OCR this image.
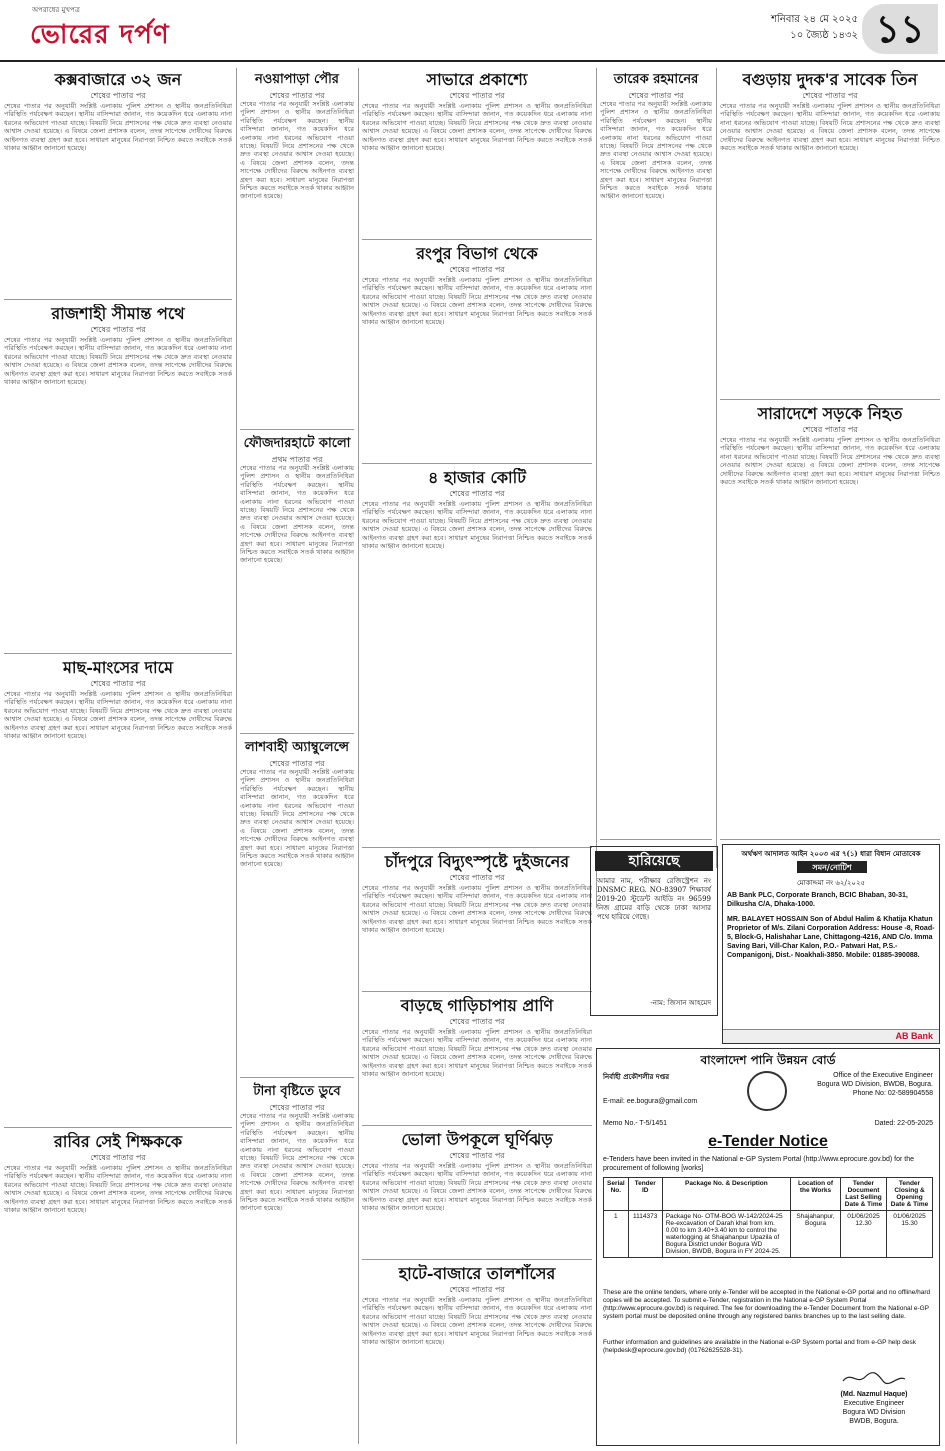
অপরাধের মুখপত্র
ভোরের দর্পণ
শনিবার ২৪ মে ২০২৫
১০ জ্যৈষ্ঠ ১৪৩২ ১১
কক্সবাজারে ৩২ জন
শেষের পাতার পর
শেষের পাতার পর অনুযায়ী সংশ্লিষ্ট এলাকায় পুলিশ প্রশাসন ও স্থানীয় জনপ্রতিনিধিরা পরিস্থিতি পর্যবেক্ষণ করছেন। স্থানীয় বাসিন্দারা জানান, গত কয়েকদিন ধরে এলাকায় নানা ধরনের অভিযোগ পাওয়া যাচ্ছে। বিষয়টি নিয়ে প্রশাসনের পক্ষ থেকে দ্রুত ব্যবস্থা নেওয়ার আশ্বাস দেওয়া হয়েছে। এ বিষয়ে জেলা প্রশাসক বলেন, তদন্ত সাপেক্ষে দোষীদের বিরুদ্ধে আইনগত ব্যবস্থা গ্রহণ করা হবে। সাধারণ মানুষের নিরাপত্তা নিশ্চিত করতে সবাইকে সতর্ক থাকার আহ্বান জানানো হয়েছে।
রাজশাহী সীমান্ত পথে
শেষের পাতার পর
শেষের পাতার পর অনুযায়ী সংশ্লিষ্ট এলাকায় পুলিশ প্রশাসন ও স্থানীয় জনপ্রতিনিধিরা পরিস্থিতি পর্যবেক্ষণ করছেন। স্থানীয় বাসিন্দারা জানান, গত কয়েকদিন ধরে এলাকায় নানা ধরনের অভিযোগ পাওয়া যাচ্ছে। বিষয়টি নিয়ে প্রশাসনের পক্ষ থেকে দ্রুত ব্যবস্থা নেওয়ার আশ্বাস দেওয়া হয়েছে। এ বিষয়ে জেলা প্রশাসক বলেন, তদন্ত সাপেক্ষে দোষীদের বিরুদ্ধে আইনগত ব্যবস্থা গ্রহণ করা হবে। সাধারণ মানুষের নিরাপত্তা নিশ্চিত করতে সবাইকে সতর্ক থাকার আহ্বান জানানো হয়েছে।
মাছ-মাংসের দামে
শেষের পাতার পর
শেষের পাতার পর অনুযায়ী সংশ্লিষ্ট এলাকায় পুলিশ প্রশাসন ও স্থানীয় জনপ্রতিনিধিরা পরিস্থিতি পর্যবেক্ষণ করছেন। স্থানীয় বাসিন্দারা জানান, গত কয়েকদিন ধরে এলাকায় নানা ধরনের অভিযোগ পাওয়া যাচ্ছে। বিষয়টি নিয়ে প্রশাসনের পক্ষ থেকে দ্রুত ব্যবস্থা নেওয়ার আশ্বাস দেওয়া হয়েছে। এ বিষয়ে জেলা প্রশাসক বলেন, তদন্ত সাপেক্ষে দোষীদের বিরুদ্ধে আইনগত ব্যবস্থা গ্রহণ করা হবে। সাধারণ মানুষের নিরাপত্তা নিশ্চিত করতে সবাইকে সতর্ক থাকার আহ্বান জানানো হয়েছে।
রাবির সেই শিক্ষককে
শেষের পাতার পর
শেষের পাতার পর অনুযায়ী সংশ্লিষ্ট এলাকায় পুলিশ প্রশাসন ও স্থানীয় জনপ্রতিনিধিরা পরিস্থিতি পর্যবেক্ষণ করছেন। স্থানীয় বাসিন্দারা জানান, গত কয়েকদিন ধরে এলাকায় নানা ধরনের অভিযোগ পাওয়া যাচ্ছে। বিষয়টি নিয়ে প্রশাসনের পক্ষ থেকে দ্রুত ব্যবস্থা নেওয়ার আশ্বাস দেওয়া হয়েছে। এ বিষয়ে জেলা প্রশাসক বলেন, তদন্ত সাপেক্ষে দোষীদের বিরুদ্ধে আইনগত ব্যবস্থা গ্রহণ করা হবে। সাধারণ মানুষের নিরাপত্তা নিশ্চিত করতে সবাইকে সতর্ক থাকার আহ্বান জানানো হয়েছে।
নওয়াপাড়া পৌর
শেষের পাতার পর
শেষের পাতার পর অনুযায়ী সংশ্লিষ্ট এলাকায় পুলিশ প্রশাসন ও স্থানীয় জনপ্রতিনিধিরা পরিস্থিতি পর্যবেক্ষণ করছেন। স্থানীয় বাসিন্দারা জানান, গত কয়েকদিন ধরে এলাকায় নানা ধরনের অভিযোগ পাওয়া যাচ্ছে। বিষয়টি নিয়ে প্রশাসনের পক্ষ থেকে দ্রুত ব্যবস্থা নেওয়ার আশ্বাস দেওয়া হয়েছে। এ বিষয়ে জেলা প্রশাসক বলেন, তদন্ত সাপেক্ষে দোষীদের বিরুদ্ধে আইনগত ব্যবস্থা গ্রহণ করা হবে। সাধারণ মানুষের নিরাপত্তা নিশ্চিত করতে সবাইকে সতর্ক থাকার আহ্বান জানানো হয়েছে।
ফৌজদারহাটে কালো
প্রথম পাতার পর
শেষের পাতার পর অনুযায়ী সংশ্লিষ্ট এলাকায় পুলিশ প্রশাসন ও স্থানীয় জনপ্রতিনিধিরা পরিস্থিতি পর্যবেক্ষণ করছেন। স্থানীয় বাসিন্দারা জানান, গত কয়েকদিন ধরে এলাকায় নানা ধরনের অভিযোগ পাওয়া যাচ্ছে। বিষয়টি নিয়ে প্রশাসনের পক্ষ থেকে দ্রুত ব্যবস্থা নেওয়ার আশ্বাস দেওয়া হয়েছে। এ বিষয়ে জেলা প্রশাসক বলেন, তদন্ত সাপেক্ষে দোষীদের বিরুদ্ধে আইনগত ব্যবস্থা গ্রহণ করা হবে। সাধারণ মানুষের নিরাপত্তা নিশ্চিত করতে সবাইকে সতর্ক থাকার আহ্বান জানানো হয়েছে।
লাশবাহী অ্যাম্বুলেন্সে
শেষের পাতার পর
শেষের পাতার পর অনুযায়ী সংশ্লিষ্ট এলাকায় পুলিশ প্রশাসন ও স্থানীয় জনপ্রতিনিধিরা পরিস্থিতি পর্যবেক্ষণ করছেন। স্থানীয় বাসিন্দারা জানান, গত কয়েকদিন ধরে এলাকায় নানা ধরনের অভিযোগ পাওয়া যাচ্ছে। বিষয়টি নিয়ে প্রশাসনের পক্ষ থেকে দ্রুত ব্যবস্থা নেওয়ার আশ্বাস দেওয়া হয়েছে। এ বিষয়ে জেলা প্রশাসক বলেন, তদন্ত সাপেক্ষে দোষীদের বিরুদ্ধে আইনগত ব্যবস্থা গ্রহণ করা হবে। সাধারণ মানুষের নিরাপত্তা নিশ্চিত করতে সবাইকে সতর্ক থাকার আহ্বান জানানো হয়েছে।
টানা বৃষ্টিতে ডুবে
শেষের পাতার পর
শেষের পাতার পর অনুযায়ী সংশ্লিষ্ট এলাকায় পুলিশ প্রশাসন ও স্থানীয় জনপ্রতিনিধিরা পরিস্থিতি পর্যবেক্ষণ করছেন। স্থানীয় বাসিন্দারা জানান, গত কয়েকদিন ধরে এলাকায় নানা ধরনের অভিযোগ পাওয়া যাচ্ছে। বিষয়টি নিয়ে প্রশাসনের পক্ষ থেকে দ্রুত ব্যবস্থা নেওয়ার আশ্বাস দেওয়া হয়েছে। এ বিষয়ে জেলা প্রশাসক বলেন, তদন্ত সাপেক্ষে দোষীদের বিরুদ্ধে আইনগত ব্যবস্থা গ্রহণ করা হবে। সাধারণ মানুষের নিরাপত্তা নিশ্চিত করতে সবাইকে সতর্ক থাকার আহ্বান জানানো হয়েছে।
সাভারে প্রকাশ্যে
শেষের পাতার পর
শেষের পাতার পর অনুযায়ী সংশ্লিষ্ট এলাকায় পুলিশ প্রশাসন ও স্থানীয় জনপ্রতিনিধিরা পরিস্থিতি পর্যবেক্ষণ করছেন। স্থানীয় বাসিন্দারা জানান, গত কয়েকদিন ধরে এলাকায় নানা ধরনের অভিযোগ পাওয়া যাচ্ছে। বিষয়টি নিয়ে প্রশাসনের পক্ষ থেকে দ্রুত ব্যবস্থা নেওয়ার আশ্বাস দেওয়া হয়েছে। এ বিষয়ে জেলা প্রশাসক বলেন, তদন্ত সাপেক্ষে দোষীদের বিরুদ্ধে আইনগত ব্যবস্থা গ্রহণ করা হবে। সাধারণ মানুষের নিরাপত্তা নিশ্চিত করতে সবাইকে সতর্ক থাকার আহ্বান জানানো হয়েছে।
রংপুর বিভাগ থেকে
শেষের পাতার পর
শেষের পাতার পর অনুযায়ী সংশ্লিষ্ট এলাকায় পুলিশ প্রশাসন ও স্থানীয় জনপ্রতিনিধিরা পরিস্থিতি পর্যবেক্ষণ করছেন। স্থানীয় বাসিন্দারা জানান, গত কয়েকদিন ধরে এলাকায় নানা ধরনের অভিযোগ পাওয়া যাচ্ছে। বিষয়টি নিয়ে প্রশাসনের পক্ষ থেকে দ্রুত ব্যবস্থা নেওয়ার আশ্বাস দেওয়া হয়েছে। এ বিষয়ে জেলা প্রশাসক বলেন, তদন্ত সাপেক্ষে দোষীদের বিরুদ্ধে আইনগত ব্যবস্থা গ্রহণ করা হবে। সাধারণ মানুষের নিরাপত্তা নিশ্চিত করতে সবাইকে সতর্ক থাকার আহ্বান জানানো হয়েছে।
৪ হাজার কোটি
শেষের পাতার পর
শেষের পাতার পর অনুযায়ী সংশ্লিষ্ট এলাকায় পুলিশ প্রশাসন ও স্থানীয় জনপ্রতিনিধিরা পরিস্থিতি পর্যবেক্ষণ করছেন। স্থানীয় বাসিন্দারা জানান, গত কয়েকদিন ধরে এলাকায় নানা ধরনের অভিযোগ পাওয়া যাচ্ছে। বিষয়টি নিয়ে প্রশাসনের পক্ষ থেকে দ্রুত ব্যবস্থা নেওয়ার আশ্বাস দেওয়া হয়েছে। এ বিষয়ে জেলা প্রশাসক বলেন, তদন্ত সাপেক্ষে দোষীদের বিরুদ্ধে আইনগত ব্যবস্থা গ্রহণ করা হবে। সাধারণ মানুষের নিরাপত্তা নিশ্চিত করতে সবাইকে সতর্ক থাকার আহ্বান জানানো হয়েছে।
চাঁদপুরে বিদ্যুৎস্পৃষ্টে দুইজনের
শেষের পাতার পর
শেষের পাতার পর অনুযায়ী সংশ্লিষ্ট এলাকায় পুলিশ প্রশাসন ও স্থানীয় জনপ্রতিনিধিরা পরিস্থিতি পর্যবেক্ষণ করছেন। স্থানীয় বাসিন্দারা জানান, গত কয়েকদিন ধরে এলাকায় নানা ধরনের অভিযোগ পাওয়া যাচ্ছে। বিষয়টি নিয়ে প্রশাসনের পক্ষ থেকে দ্রুত ব্যবস্থা নেওয়ার আশ্বাস দেওয়া হয়েছে। এ বিষয়ে জেলা প্রশাসক বলেন, তদন্ত সাপেক্ষে দোষীদের বিরুদ্ধে আইনগত ব্যবস্থা গ্রহণ করা হবে। সাধারণ মানুষের নিরাপত্তা নিশ্চিত করতে সবাইকে সতর্ক থাকার আহ্বান জানানো হয়েছে।
বাড়ছে গাড়িচাপায় প্রাণি
শেষের পাতার পর
শেষের পাতার পর অনুযায়ী সংশ্লিষ্ট এলাকায় পুলিশ প্রশাসন ও স্থানীয় জনপ্রতিনিধিরা পরিস্থিতি পর্যবেক্ষণ করছেন। স্থানীয় বাসিন্দারা জানান, গত কয়েকদিন ধরে এলাকায় নানা ধরনের অভিযোগ পাওয়া যাচ্ছে। বিষয়টি নিয়ে প্রশাসনের পক্ষ থেকে দ্রুত ব্যবস্থা নেওয়ার আশ্বাস দেওয়া হয়েছে। এ বিষয়ে জেলা প্রশাসক বলেন, তদন্ত সাপেক্ষে দোষীদের বিরুদ্ধে আইনগত ব্যবস্থা গ্রহণ করা হবে। সাধারণ মানুষের নিরাপত্তা নিশ্চিত করতে সবাইকে সতর্ক থাকার আহ্বান জানানো হয়েছে।
হারিয়েছে
আমার নাম, পরীক্ষার রেজিস্ট্রেশন নং DNSMC REG. NO-83907 শিক্ষাবর্ষ 2019-20 স্টুডেন্ট আইডি নং 96599 নিজ গ্রামের বাড়ি থেকে ঢাকা আসার পথে হারিয়ে গেছে।
-নাম: জিসান আহমেদ
ভোলা উপকূলে ঘূর্ণিঝড়
শেষের পাতার পর
শেষের পাতার পর অনুযায়ী সংশ্লিষ্ট এলাকায় পুলিশ প্রশাসন ও স্থানীয় জনপ্রতিনিধিরা পরিস্থিতি পর্যবেক্ষণ করছেন। স্থানীয় বাসিন্দারা জানান, গত কয়েকদিন ধরে এলাকায় নানা ধরনের অভিযোগ পাওয়া যাচ্ছে। বিষয়টি নিয়ে প্রশাসনের পক্ষ থেকে দ্রুত ব্যবস্থা নেওয়ার আশ্বাস দেওয়া হয়েছে। এ বিষয়ে জেলা প্রশাসক বলেন, তদন্ত সাপেক্ষে দোষীদের বিরুদ্ধে আইনগত ব্যবস্থা গ্রহণ করা হবে। সাধারণ মানুষের নিরাপত্তা নিশ্চিত করতে সবাইকে সতর্ক থাকার আহ্বান জানানো হয়েছে।
হাটে-বাজারে তালশাঁসের
শেষের পাতার পর
শেষের পাতার পর অনুযায়ী সংশ্লিষ্ট এলাকায় পুলিশ প্রশাসন ও স্থানীয় জনপ্রতিনিধিরা পরিস্থিতি পর্যবেক্ষণ করছেন। স্থানীয় বাসিন্দারা জানান, গত কয়েকদিন ধরে এলাকায় নানা ধরনের অভিযোগ পাওয়া যাচ্ছে। বিষয়টি নিয়ে প্রশাসনের পক্ষ থেকে দ্রুত ব্যবস্থা নেওয়ার আশ্বাস দেওয়া হয়েছে। এ বিষয়ে জেলা প্রশাসক বলেন, তদন্ত সাপেক্ষে দোষীদের বিরুদ্ধে আইনগত ব্যবস্থা গ্রহণ করা হবে। সাধারণ মানুষের নিরাপত্তা নিশ্চিত করতে সবাইকে সতর্ক থাকার আহ্বান জানানো হয়েছে।
তারেক রহমানের
শেষের পাতার পর
শেষের পাতার পর অনুযায়ী সংশ্লিষ্ট এলাকায় পুলিশ প্রশাসন ও স্থানীয় জনপ্রতিনিধিরা পরিস্থিতি পর্যবেক্ষণ করছেন। স্থানীয় বাসিন্দারা জানান, গত কয়েকদিন ধরে এলাকায় নানা ধরনের অভিযোগ পাওয়া যাচ্ছে। বিষয়টি নিয়ে প্রশাসনের পক্ষ থেকে দ্রুত ব্যবস্থা নেওয়ার আশ্বাস দেওয়া হয়েছে। এ বিষয়ে জেলা প্রশাসক বলেন, তদন্ত সাপেক্ষে দোষীদের বিরুদ্ধে আইনগত ব্যবস্থা গ্রহণ করা হবে। সাধারণ মানুষের নিরাপত্তা নিশ্চিত করতে সবাইকে সতর্ক থাকার আহ্বান জানানো হয়েছে।
বগুড়ায় দুদক'র সাবেক তিন
শেষের পাতার পর
শেষের পাতার পর অনুযায়ী সংশ্লিষ্ট এলাকায় পুলিশ প্রশাসন ও স্থানীয় জনপ্রতিনিধিরা পরিস্থিতি পর্যবেক্ষণ করছেন। স্থানীয় বাসিন্দারা জানান, গত কয়েকদিন ধরে এলাকায় নানা ধরনের অভিযোগ পাওয়া যাচ্ছে। বিষয়টি নিয়ে প্রশাসনের পক্ষ থেকে দ্রুত ব্যবস্থা নেওয়ার আশ্বাস দেওয়া হয়েছে। এ বিষয়ে জেলা প্রশাসক বলেন, তদন্ত সাপেক্ষে দোষীদের বিরুদ্ধে আইনগত ব্যবস্থা গ্রহণ করা হবে। সাধারণ মানুষের নিরাপত্তা নিশ্চিত করতে সবাইকে সতর্ক থাকার আহ্বান জানানো হয়েছে।
সারাদেশে সড়কে নিহত
শেষের পাতার পর
শেষের পাতার পর অনুযায়ী সংশ্লিষ্ট এলাকায় পুলিশ প্রশাসন ও স্থানীয় জনপ্রতিনিধিরা পরিস্থিতি পর্যবেক্ষণ করছেন। স্থানীয় বাসিন্দারা জানান, গত কয়েকদিন ধরে এলাকায় নানা ধরনের অভিযোগ পাওয়া যাচ্ছে। বিষয়টি নিয়ে প্রশাসনের পক্ষ থেকে দ্রুত ব্যবস্থা নেওয়ার আশ্বাস দেওয়া হয়েছে। এ বিষয়ে জেলা প্রশাসক বলেন, তদন্ত সাপেক্ষে দোষীদের বিরুদ্ধে আইনগত ব্যবস্থা গ্রহণ করা হবে। সাধারণ মানুষের নিরাপত্তা নিশ্চিত করতে সবাইকে সতর্ক থাকার আহ্বান জানানো হয়েছে।
অর্থঋণ আদালত আইন ২০০৩ এর ৭(১) ধারা বিধান মোতাবেক
সমন/নোটিশ
মোকাদ্দমা নং ৬২/২০২৫
AB Bank PLC, Corporate Branch, BCIC Bhaban, 30-31, Dilkusha C/A, Dhaka-1000.
MR. BALAYET HOSSAIN Son of Abdul Halim & Khatija Khatun Proprietor of M/s. Zilani Corporation Address: House -8, Road-5, Block-G, Halishahar Lane, Chittagong-4216, AND C/o. Imma Saving Bari, Vill-Char Kalon, P.O.- Patwari Hat, P.S.-Companigonj, Dist.- Noakhali-3850. Mobile: 01885-390088.
AB Bank
বাংলাদেশ পানি উন্নয়ন বোর্ড
নির্বাহী প্রকৌশলীর দপ্তর	Office of the Executive Engineer
Bogura WD Division, BWDB, Bogura.
Phone No: 02-589904558
E-mail: ee.bogura@gmail.com
Memo No.- T-5/1451	Dated: 22-05-2025
e-Tender Notice
e-Tenders have been invited in the National e-GP System Portal (http://www.eprocure.gov.bd) for the procurement of following [works]
Serial No.	Tender ID	Package No. & Description	Location of the Works	Tender Document Last Selling Date & Time	Tender Closing & Opening Date & Time
1	1114373	Package No- OTM-BOG W-142/2024-25 Re-excavation of Darah khal from km. 0.00 to km 3.40+3.40 km to control the waterlogging at Shajahanpur Upazila of Bogura District under Bogura WD Division, BWDB, Bogura in FY 2024-25.	Shajahanpur, Bogura	01/06/2025 12.30	01/06/2025 15.30
These are the online tenders, where only e-Tender will be accepted in the National e-GP portal and no offline/hard copies will be accepted. To submit e-Tender, registration in the National e-GP System Portal (http://www.eprocure.gov.bd) is required. The fee for downloading the e-Tender Document from the National e-GP system portal must be deposited online through any registered banks branches up to the last selling date.
Further information and guidelines are available in the National e-GP System portal and from e-GP help desk (helpdesk@eprocure.gov.bd) (01762625528-31).
(Md. Nazmul Haque)
Executive Engineer
Bogura WD Division
BWDB, Bogura.
